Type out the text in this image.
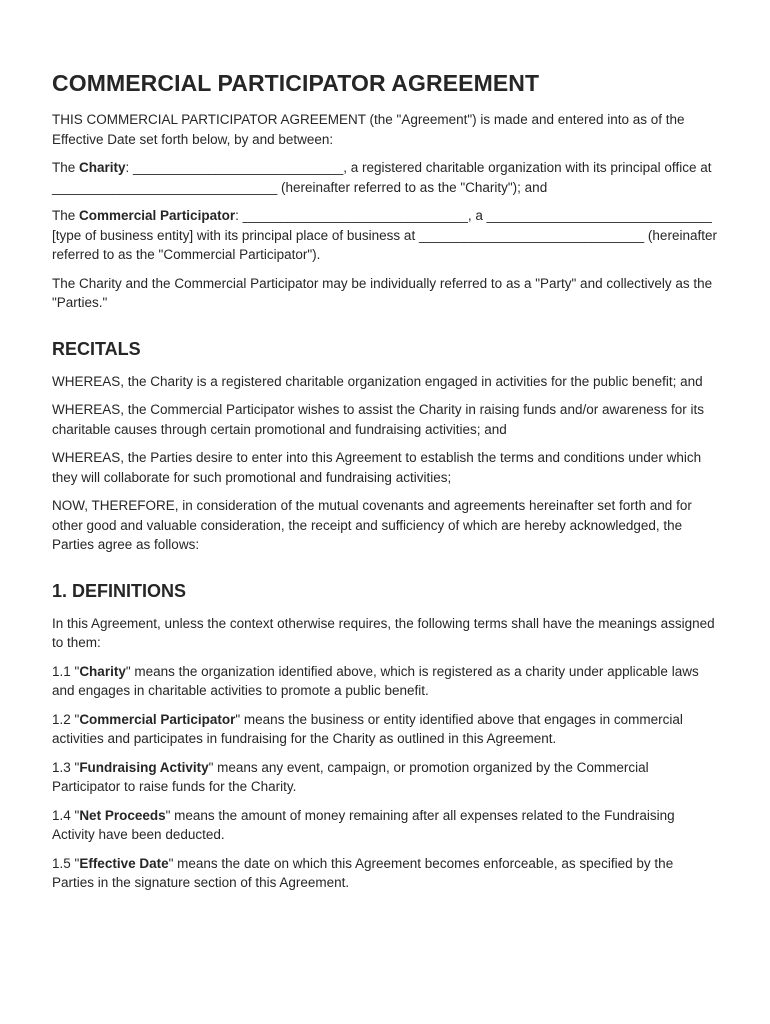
COMMERCIAL PARTICIPATOR AGREEMENT

THIS COMMERCIAL PARTICIPATOR AGREEMENT (the "Agreement") is made and entered into as of the Effective Date set forth below, by and between:

The Charity: ____________________________, a registered charitable organization with its principal office at ______________________________ (hereinafter referred to as the "Charity"); and

The Commercial Participator: ______________________________, a ______________________________ [type of business entity] with its principal place of business at ______________________________ (hereinafter referred to as the "Commercial Participator").

The Charity and the Commercial Participator may be individually referred to as a "Party" and collectively as the "Parties."

RECITALS

WHEREAS, the Charity is a registered charitable organization engaged in activities for the public benefit; and

WHEREAS, the Commercial Participator wishes to assist the Charity in raising funds and/or awareness for its charitable causes through certain promotional and fundraising activities; and

WHEREAS, the Parties desire to enter into this Agreement to establish the terms and conditions under which they will collaborate for such promotional and fundraising activities;

NOW, THEREFORE, in consideration of the mutual covenants and agreements hereinafter set forth and for other good and valuable consideration, the receipt and sufficiency of which are hereby acknowledged, the Parties agree as follows:

1. DEFINITIONS

In this Agreement, unless the context otherwise requires, the following terms shall have the meanings assigned to them:

1.1 "Charity" means the organization identified above, which is registered as a charity under applicable laws and engages in charitable activities to promote a public benefit.

1.2 "Commercial Participator" means the business or entity identified above that engages in commercial activities and participates in fundraising for the Charity as outlined in this Agreement.

1.3 "Fundraising Activity" means any event, campaign, or promotion organized by the Commercial Participator to raise funds for the Charity.

1.4 "Net Proceeds" means the amount of money remaining after all expenses related to the Fundraising Activity have been deducted.

1.5 "Effective Date" means the date on which this Agreement becomes enforceable, as specified by the Parties in the signature section of this Agreement.
